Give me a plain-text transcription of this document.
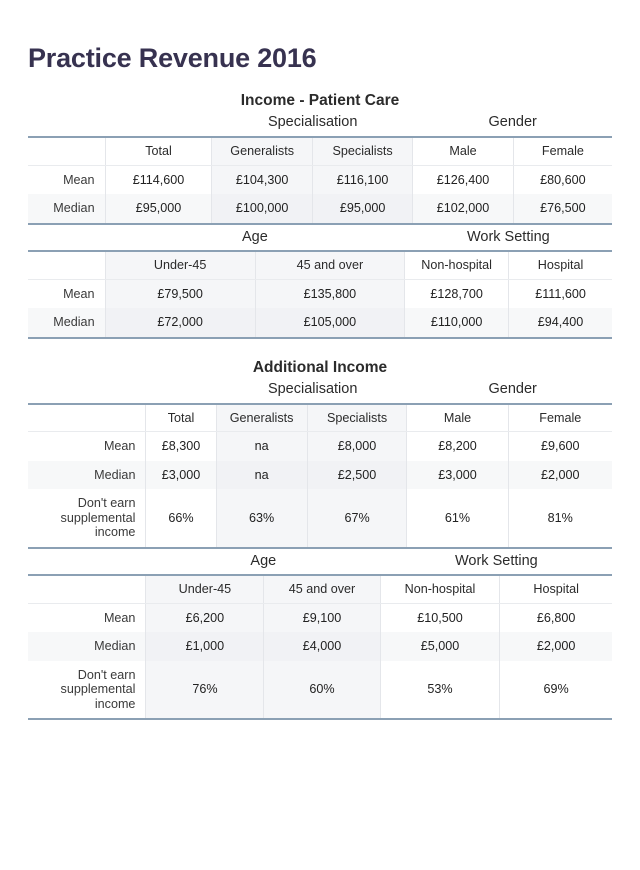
Practice Revenue 2016
Income - Patient Care
	Specialisation	Gender
	Total	Generalists	Specialists	Male	Female
Mean	£114,600	£104,300	£116,100	£126,400	£80,600
Median	£95,000	£100,000	£95,000	£102,000	£76,500
	Age	Work Setting
	Under-45	45 and over	Non-hospital	Hospital
Mean	£79,500	£135,800	£128,700	£111,600
Median	£72,000	£105,000	£110,000	£94,400
Additional Income
	Specialisation	Gender
	Total	Generalists	Specialists	Male	Female
Mean	£8,300	na	£8,000	£8,200	£9,600
Median	£3,000	na	£2,500	£3,000	£2,000
Don't earn supplemental income	66%	63%	67%	61%	81%
	Age	Work Setting
	Under-45	45 and over	Non-hospital	Hospital
Mean	£6,200	£9,100	£10,500	£6,800
Median	£1,000	£4,000	£5,000	£2,000
Don't earn supplemental income	76%	60%	53%	69%
